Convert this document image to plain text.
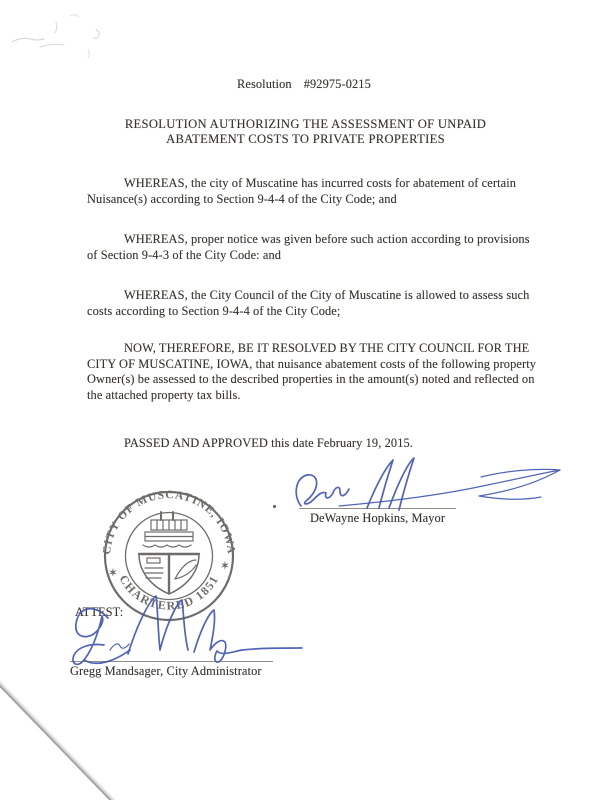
Resolution #92975-0215
RESOLUTION AUTHORIZING THE ASSESSMENT OF UNPAID
ABATEMENT COSTS TO PRIVATE PROPERTIES
WHEREAS, the city of Muscatine has incurred costs for abatement of certain
Nuisance(s) according to Section 9-4-4 of the City Code; and
WHEREAS, proper notice was given before such action according to provisions
of Section 9-4-3 of the City Code: and
WHEREAS, the City Council of the City of Muscatine is allowed to assess such
costs according to Section 9-4-4 of the City Code;
NOW, THEREFORE, BE IT RESOLVED BY THE CITY COUNCIL FOR THE
CITY OF MUSCATINE, IOWA, that nuisance abatement costs of the following property
Owner(s) be assessed to the described properties in the amount(s) noted and reflected on
the attached property tax bills.
PASSED AND APPROVED this date February 19, 2015.
CITY OF MUSCATINE, IOWA
CHARTERED 1851
✶
✶
DeWayne Hopkins, Mayor
ATTEST:
Gregg Mandsager, City Administrator
